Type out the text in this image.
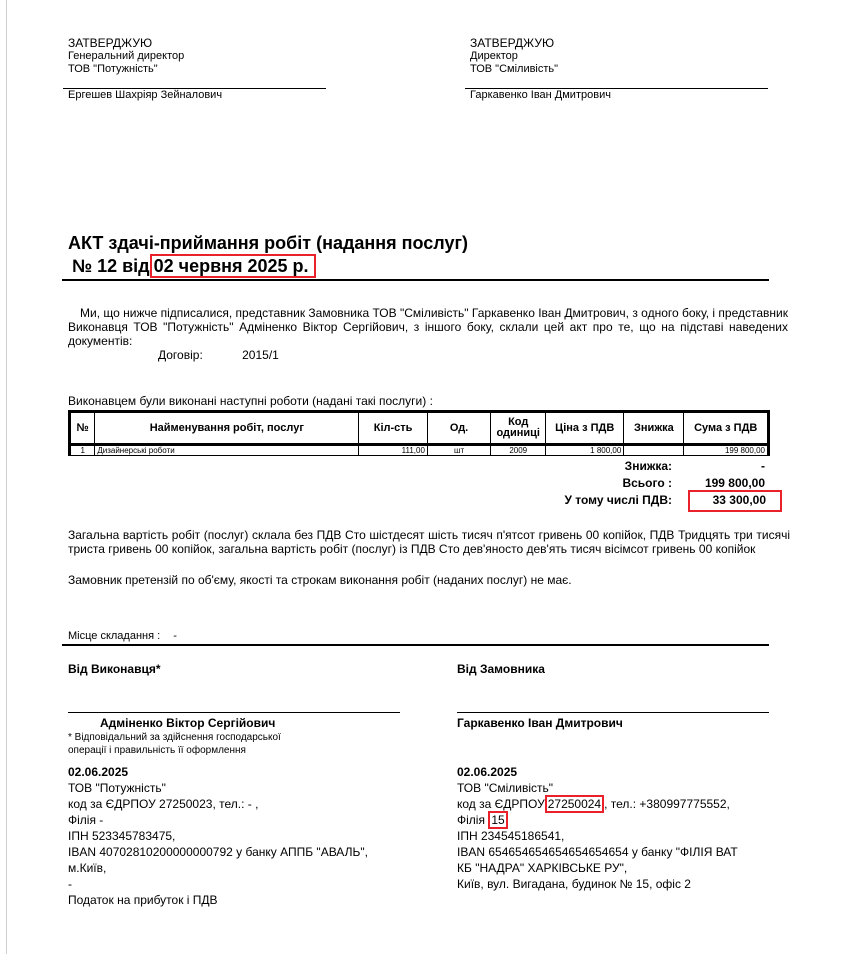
ЗАТВЕРДЖУЮ
Генеральний директор
ТОВ "Потужність"
Ергешев Шахріяр Зейналович
ЗАТВЕРДЖУЮ
Директор
ТОВ "Сміливість"
Гаркавенко Іван Дмитрович
АКТ здачі-приймання робіт (надання послуг)
№ 12 від 02 червня 2025 р.
Ми, що нижче підписалися, представник Замовника ТОВ "Сміливість" Гаркавенко Іван Дмитрович, з одного боку, і представник Виконавця ТОВ "Потужність" Адміненко Віктор Сергійович, з іншого боку, склали цей акт про те, що на підставі наведених документів:
Договір:	2015/1
Виконавцем були виконані наступні роботи (надані такі послуги) :
№	Найменування робіт, послуг	Кіл-сть	Од.	Код одиниці	Ціна з ПДВ	Знижка	Сума з ПДВ
1	Дизайнерські роботи	111,00	шт	2009	1 800,00		199 800,00
Знижка:	-
Всього :	199 800,00
У тому числі ПДВ:	33 300,00
Загальна вартість робіт (послуг) склала без ПДВ Сто шістдесят шість тисяч п'ятсот гривень 00 копійок, ПДВ Тридцять три тисячі триста гривень 00 копійок, загальна вартість робіт (послуг) із ПДВ Сто дев'яносто дев'ять тисяч вісімсот гривень 00 копійок
Замовник претензій по об'єму, якості та строкам виконання робіт (наданих послуг) не має.
Місце складання : -
Від Виконавця*
Адміненко Віктор Сергійович
* Відповідальний за здійснення господарської
операції і правильність її оформлення
02.06.2025
ТОВ "Потужність"
код за ЄДРПОУ 27250023, тел.: - ,
Філія -
ІПН 523345783475,
IBAN 40702810200000000792 у банку АППБ "АВАЛЬ",
м.Київ,
-
Податок на прибуток і ПДВ
Від Замовника
Гаркавенко Іван Дмитрович
02.06.2025
ТОВ "Сміливість"
код за ЄДРПОУ 27250024 , тел.: +380997775552,
Філія 15
ІПН 234545186541,
IBAN 654654654654654654654 у банку "ФІЛІЯ ВАТ
КБ "НАДРА" ХАРКІВСЬКЕ РУ",
Київ, вул. Вигадана, будинок № 15, офіс 2
